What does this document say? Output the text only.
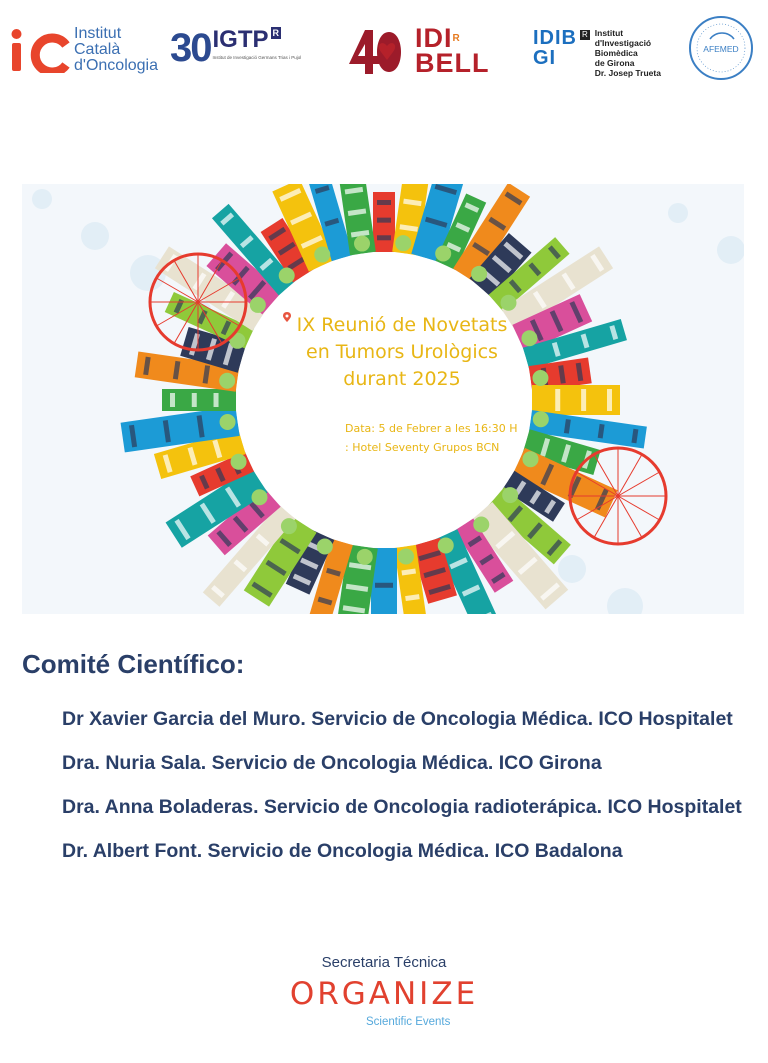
Institut
Català
d'Oncologia 30 IGTP R
Institut de Investigació Germans Trias i Pujol
IDIR
BELL
IDIB
GI
R Institut
d'Investigació
Biomèdica
de Girona
Dr. Josep Trueta
AFEMED
IX Reunió de Novetats
en Tumors Urològics
durant 2025
Data: 5 de Febrer a les 16:30 H
: Hotel Seventy Grupos BCN
Comité Científico:
Dr Xavier Garcia del Muro. Servicio de Oncologia Médica. ICO Hospitalet
Dra. Nuria Sala. Servicio de Oncologia Médica. ICO Girona
Dra. Anna Boladeras. Servicio de Oncologia radioterápica. ICO Hospitalet
Dr. Albert Font. Servicio de Oncologia Médica. ICO Badalona
Secretaria Técnica
ORGANIZE
Scientific Events
